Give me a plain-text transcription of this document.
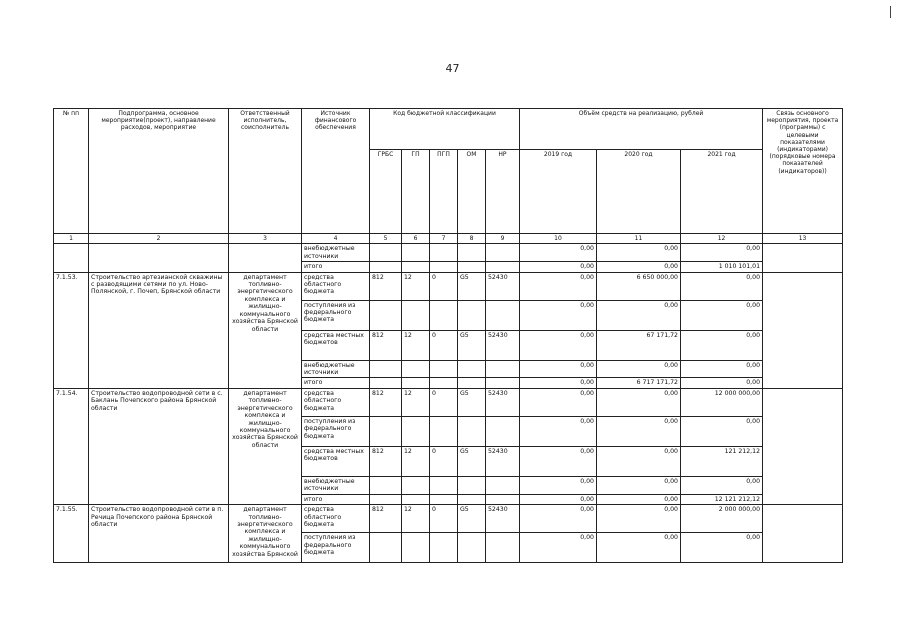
47
№ пп	Подпрограмма, основное мероприятие(проект), направление расходов, мероприятие	Ответственный исполнитель, соисполнитель	Источник финансового обеспечения	Код бюджетной классификации					Объём средств на реализацию, рублей			Связь основного мероприятия, проекта (программы) с целевыми показателями (индикаторами) (порядковые номера показателей (индикаторов))
				ГРБС	ГП	ПГП	ОМ	НР	2019 год	2020 год	2021 год	
1	2	3	4	5	6	7	8	9	10	11	12	13
			внебюджетные источники						0,00	0,00	0,00	
			итого						0,00	0,00	1 010 101,01	
7.1.53.	Строительство артезианской скважины с разводящими сетями по ул. Ново-Полянской, г. Почеп, Брянской области	департамент топливно-энергетического комплекса и жилищно-коммунального хозяйства Брянской области	средства областного бюджета	812	12	0	G5	52430	0,00	6 650 000,00	0,00	
			поступления из федерального бюджета						0,00	0,00	0,00	
			средства местных бюджетов	812	12	0	G5	52430	0,00	67 171,72	0,00	
			внебюджетные источники						0,00	0,00	0,00	
			итого						0,00	6 717 171,72	0,00	
7.1.54.	Строительство водопроводной сети в с. Баклань Почепского района Брянской области	департамент топливно-энергетического комплекса и жилищно-коммунального хозяйства Брянской области	средства областного бюджета	812	12	0	G5	52430	0,00	0,00	12 000 000,00	
			поступления из федерального бюджета						0,00	0,00	0,00	
			средства местных бюджетов	812	12	0	G5	52430	0,00	0,00	121 212,12	
			внебюджетные источники						0,00	0,00	0,00	
			итого						0,00	0,00	12 121 212,12	
7.1.55.	Строительство водопроводной сети в п. Речица Почепского района Брянской области	департамент топливно-энергетического комплекса и жилищно-коммунального хозяйства Брянской	средства областного бюджета	812	12	0	G5	52430	0,00	0,00	2 000 000,00	
			поступления из федерального бюджета						0,00	0,00	0,00	
